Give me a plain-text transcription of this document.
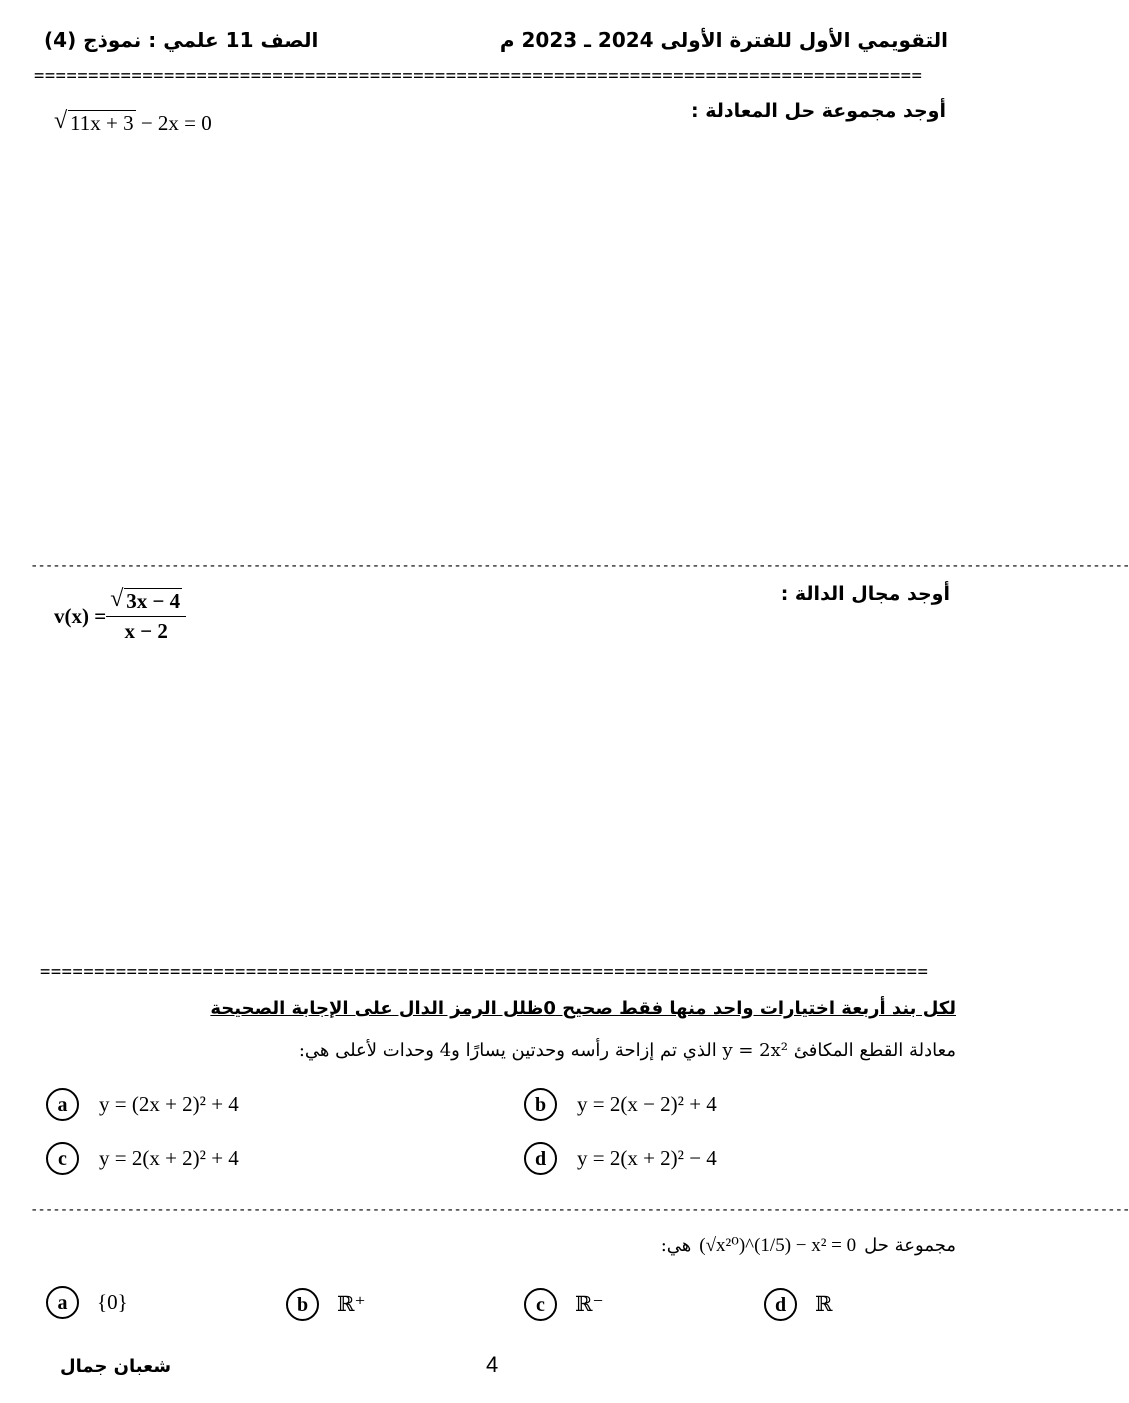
التقويمي الأول للفترة الأولى 2024 ـ 2023 م
الصف 11 علمي : نموذج (4)
==================================================================================
أوجد مجموعة حل المعادلة :
√ 11x + 3 − 2x = 0
----------------------------------------------------------------------------------------------------------------------------------------------------
أوجد مجال الدالة :
$v(x) = \frac{√ 3x - 4}{x - 2}$
==================================================================================
لكل بند أربعة اختيارات واحد منها فقط صحيح 0ظلل الرمز الدال على الإجابة الصحيحة
معادلة القطع المكافئ y = 2x² الذي تم إزاحة رأسه وحدتين يسارًا و4 وحدات لأعلى هي:
a	y = (2x + 2)² + 4	b	y = 2(x − 2)² + 4
c	y = 2(x + 2)² + 4	d	y = 2(x + 2)² − 4
----------------------------------------------------------------------------------------------------------------------------------------------------
مجموعة حل
(√x²⁰)^(1/5) − x² = 0
هي:
a	{0}	b	ℝ⁺	c	ℝ⁻	d	ℝ
شعبان جمال	4
